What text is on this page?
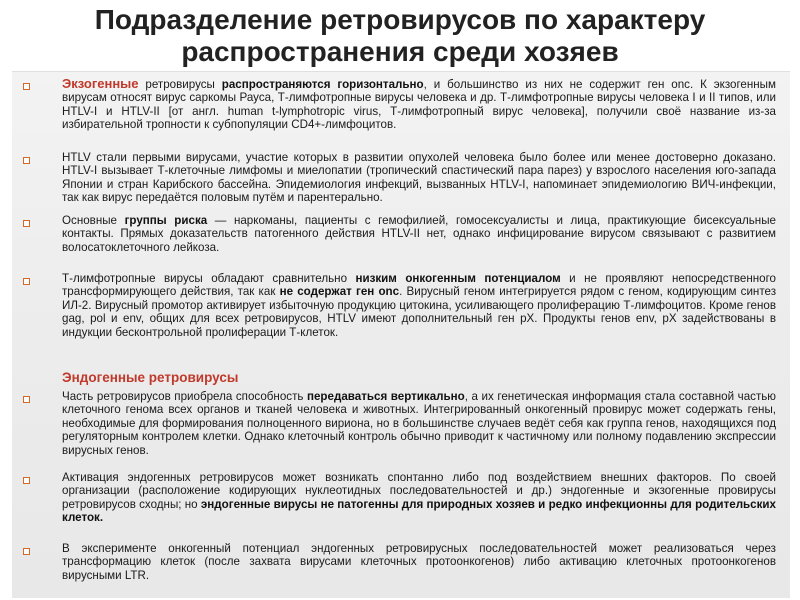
Подразделение ретровирусов по характеру распространения среди хозяев
Экзогенные ретровирусы распространяются горизонтально, и большинство из них не содержит ген onc. К экзогенным вирусам относят вирус саркомы Рауса, Т-лимфотропные вирусы человека и др. Т-лимфотропные вирусы человека I и II типов, или HTLV-I и HTLV-II [от англ. human t-lymphotropic virus, Т-лимфотропный вирус человека], получили своё название из-за избирательной тропности к субпопуляции CD4+-лимфоцитов.
HTLV стали первыми вирусами, участие которых в развитии опухолей человека было более или менее достоверно доказано. HTLV-I вызывает Т-клеточные лимфомы и миелопатии (тропический спастический пара парез) у взрослого населения юго-запада Японии и стран Карибского бассейна. Эпидемиология инфекций, вызванных HTLV-I, напоминает эпидемиологию ВИЧ-инфекции, так как вирус передаётся половым путём и парентерально.
Основные группы риска — наркоманы, пациенты с гемофилией, гомосексуалисты и лица, практикующие бисексуальные контакты. Прямых доказательств патогенного действия HTLV-II нет, однако инфицирование вирусом связывают с развитием волосатоклеточного лейкоза.
Т-лимфотропные вирусы обладают сравнительно низким онкогенным потенциалом и не проявляют непосредственного трансформирующего действия, так как не содержат ген onc. Вирусный геном интегрируется рядом с геном, кодирующим синтез ИЛ-2. Вирусный промотор активирует избыточную продукцию цитокина, усиливающего пролиферацию Т-лимфоцитов. Кроме генов gag, pol и env, общих для всех ретровирусов, HTLV имеют дополнительный ген pX. Продукты генов env, pX задействованы в индукции бесконтрольной пролиферации Т-клеток.
Эндогенные ретровирусы
Часть ретровирусов приобрела способность передаваться вертикально, а их генетическая информация стала составной частью клеточного генома всех органов и тканей человека и животных. Интегрированный онкогенный провирус может содержать гены, необходимые для формирования полноценного вириона, но в большинстве случаев ведёт себя как группа генов, находящихся под регуляторным контролем клетки. Однако клеточный контроль обычно приводит к частичному или полному подавлению экспрессии вирусных генов.
Активация эндогенных ретровирусов может возникать спонтанно либо под воздействием внешних факторов. По своей организации (расположение кодирующих нуклеотидных последовательностей и др.) эндогенные и экзогенные провирусы ретровирусов сходны; но эндогенные вирусы не патогенны для природных хозяев и редко инфекционны для родительских клеток.
В эксперименте онкогенный потенциал эндогенных ретровирусных последовательностей может реализоваться через трансформацию клеток (после захвата вирусами клеточных протоонкогенов) либо активацию клеточных протоонкогенов вирусными LTR.
